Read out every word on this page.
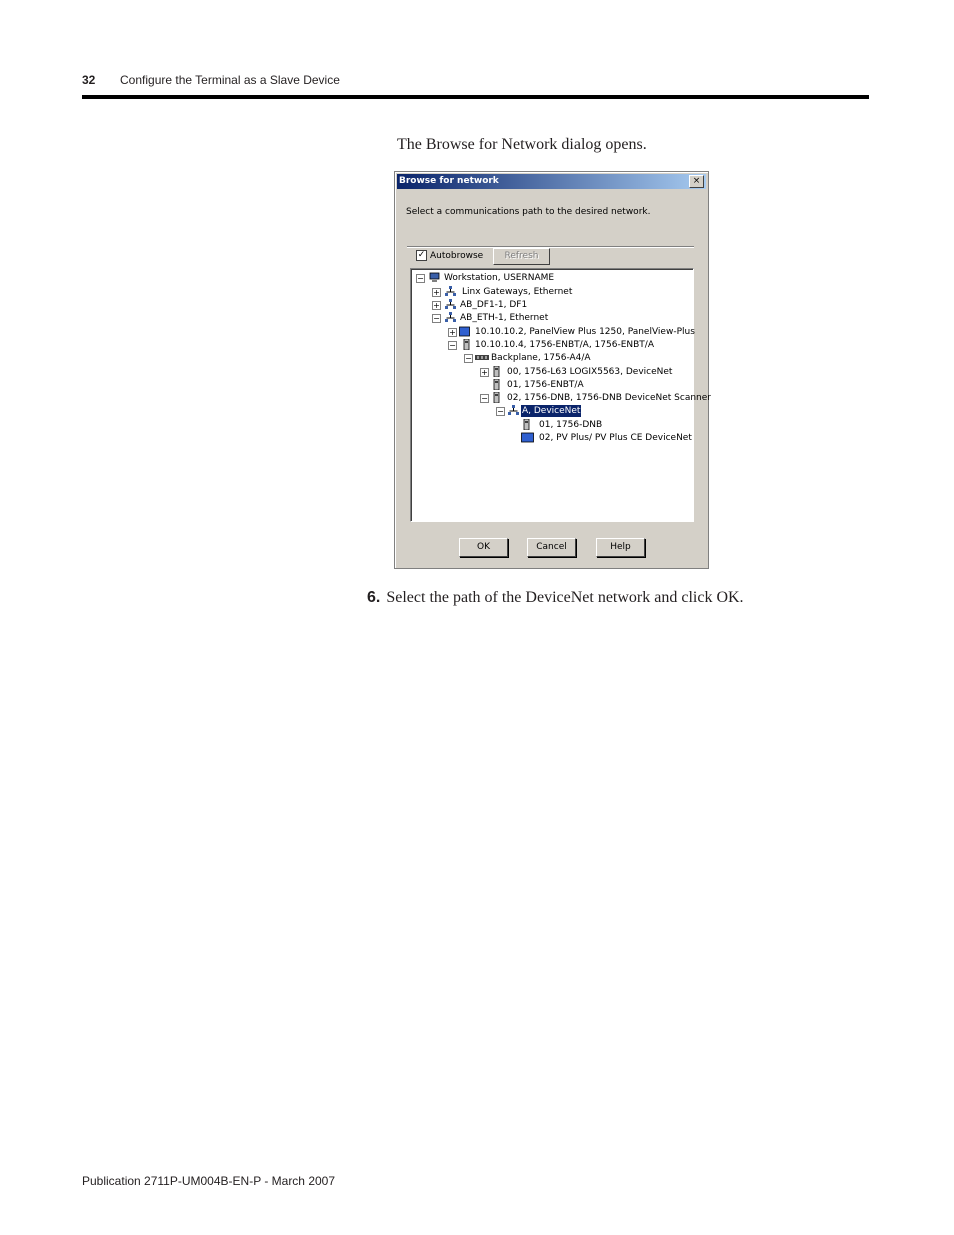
32 Configure the Terminal as a Slave Device
The Browse for Network dialog opens.
Browse for network	×
Select a communications path to the desired network.
✓ Autobrowse	Refresh
− Workstation, USERNAME
+ Linx Gateways, Ethernet
+ AB_DF1-1, DF1
− AB_ETH-1, Ethernet
+ 10.10.10.2, PanelView Plus 1250, PanelView-Plus
− 10.10.10.4, 1756-ENBT/A, 1756-ENBT/A
− Backplane, 1756-A4/A
+ 00, 1756-L63 LOGIX5563, DeviceNet
01, 1756-ENBT/A
− 02, 1756-DNB, 1756-DNB DeviceNet Scanner
− A, DeviceNet
01, 1756-DNB
02, PV Plus/ PV Plus CE DeviceNet
OK	Cancel	Help
6. Select the path of the DeviceNet network and click OK.
Publication 2711P-UM004B-EN-P - March 2007
